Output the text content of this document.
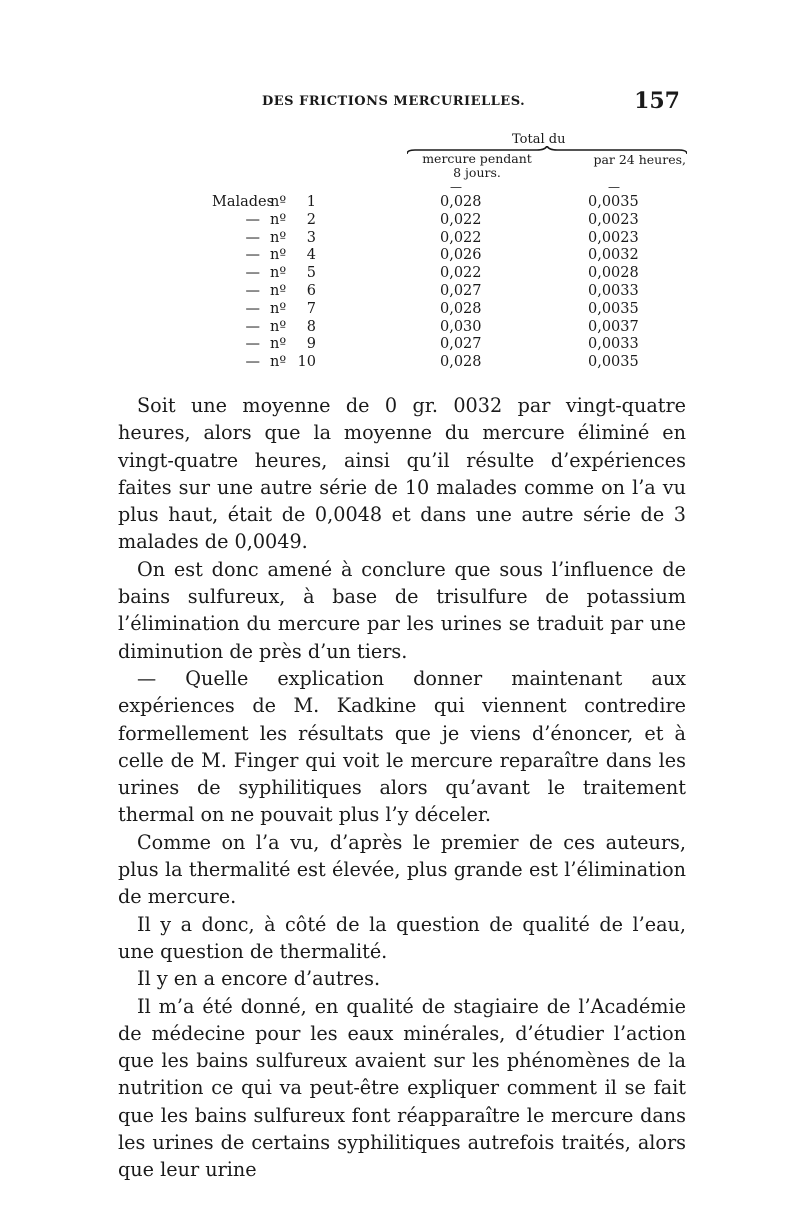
DES FRICTIONS MERCURIELLES.	157
Total du
mercure pendant
8 jours.
par 24 heures,
—	—
Malades
nº	1	0,028	0,0035
— nº	2	0,022	0,0023
— nº	3	0,022	0,0023
— nº	4	0,026	0,0032
— nº	5	0,022	0,0028
— nº	6	0,027	0,0033
— nº	7	0,028	0,0035
— nº	8	0,030	0,0037
— nº	9	0,027	0,0033
— nº 10	0,028	0,0035

Soit une moyenne de 0 gr. 0032 par vingt-quatre heures, alors que la moyenne du mercure éliminé en vingt-quatre heures, ainsi qu’il résulte d’expériences faites sur une autre série de 10 malades comme on l’a vu plus haut, était de 0,0048 et dans une autre série de 3 malades de 0,0049.

On est donc amené à conclure que sous l’influence de bains sulfureux, à base de trisulfure de potassium l’élimination du mercure par les urines se traduit par une diminution de près d’un tiers.

— Quelle explication donner maintenant aux expériences de M. Kadkine qui viennent contredire formellement les résultats que je viens d’énoncer, et à celle de M. Finger qui voit le mercure reparaître dans les urines de syphilitiques alors qu’avant le traitement thermal on ne pouvait plus l’y déceler.

Comme on l’a vu, d’après le premier de ces auteurs, plus la thermalité est élevée, plus grande est l’élimination de mercure.

Il y a donc, à côté de la question de qualité de l’eau, une question de thermalité.

Il y en a encore d’autres.

Il m’a été donné, en qualité de stagiaire de l’Académie de médecine pour les eaux minérales, d’étudier l’action que les bains sulfureux avaient sur les phénomènes de la nutrition ce qui va peut-être expliquer comment il se fait que les bains sulfureux font réapparaître le mercure dans les urines de certains syphilitiques autrefois traités, alors que leur urine
